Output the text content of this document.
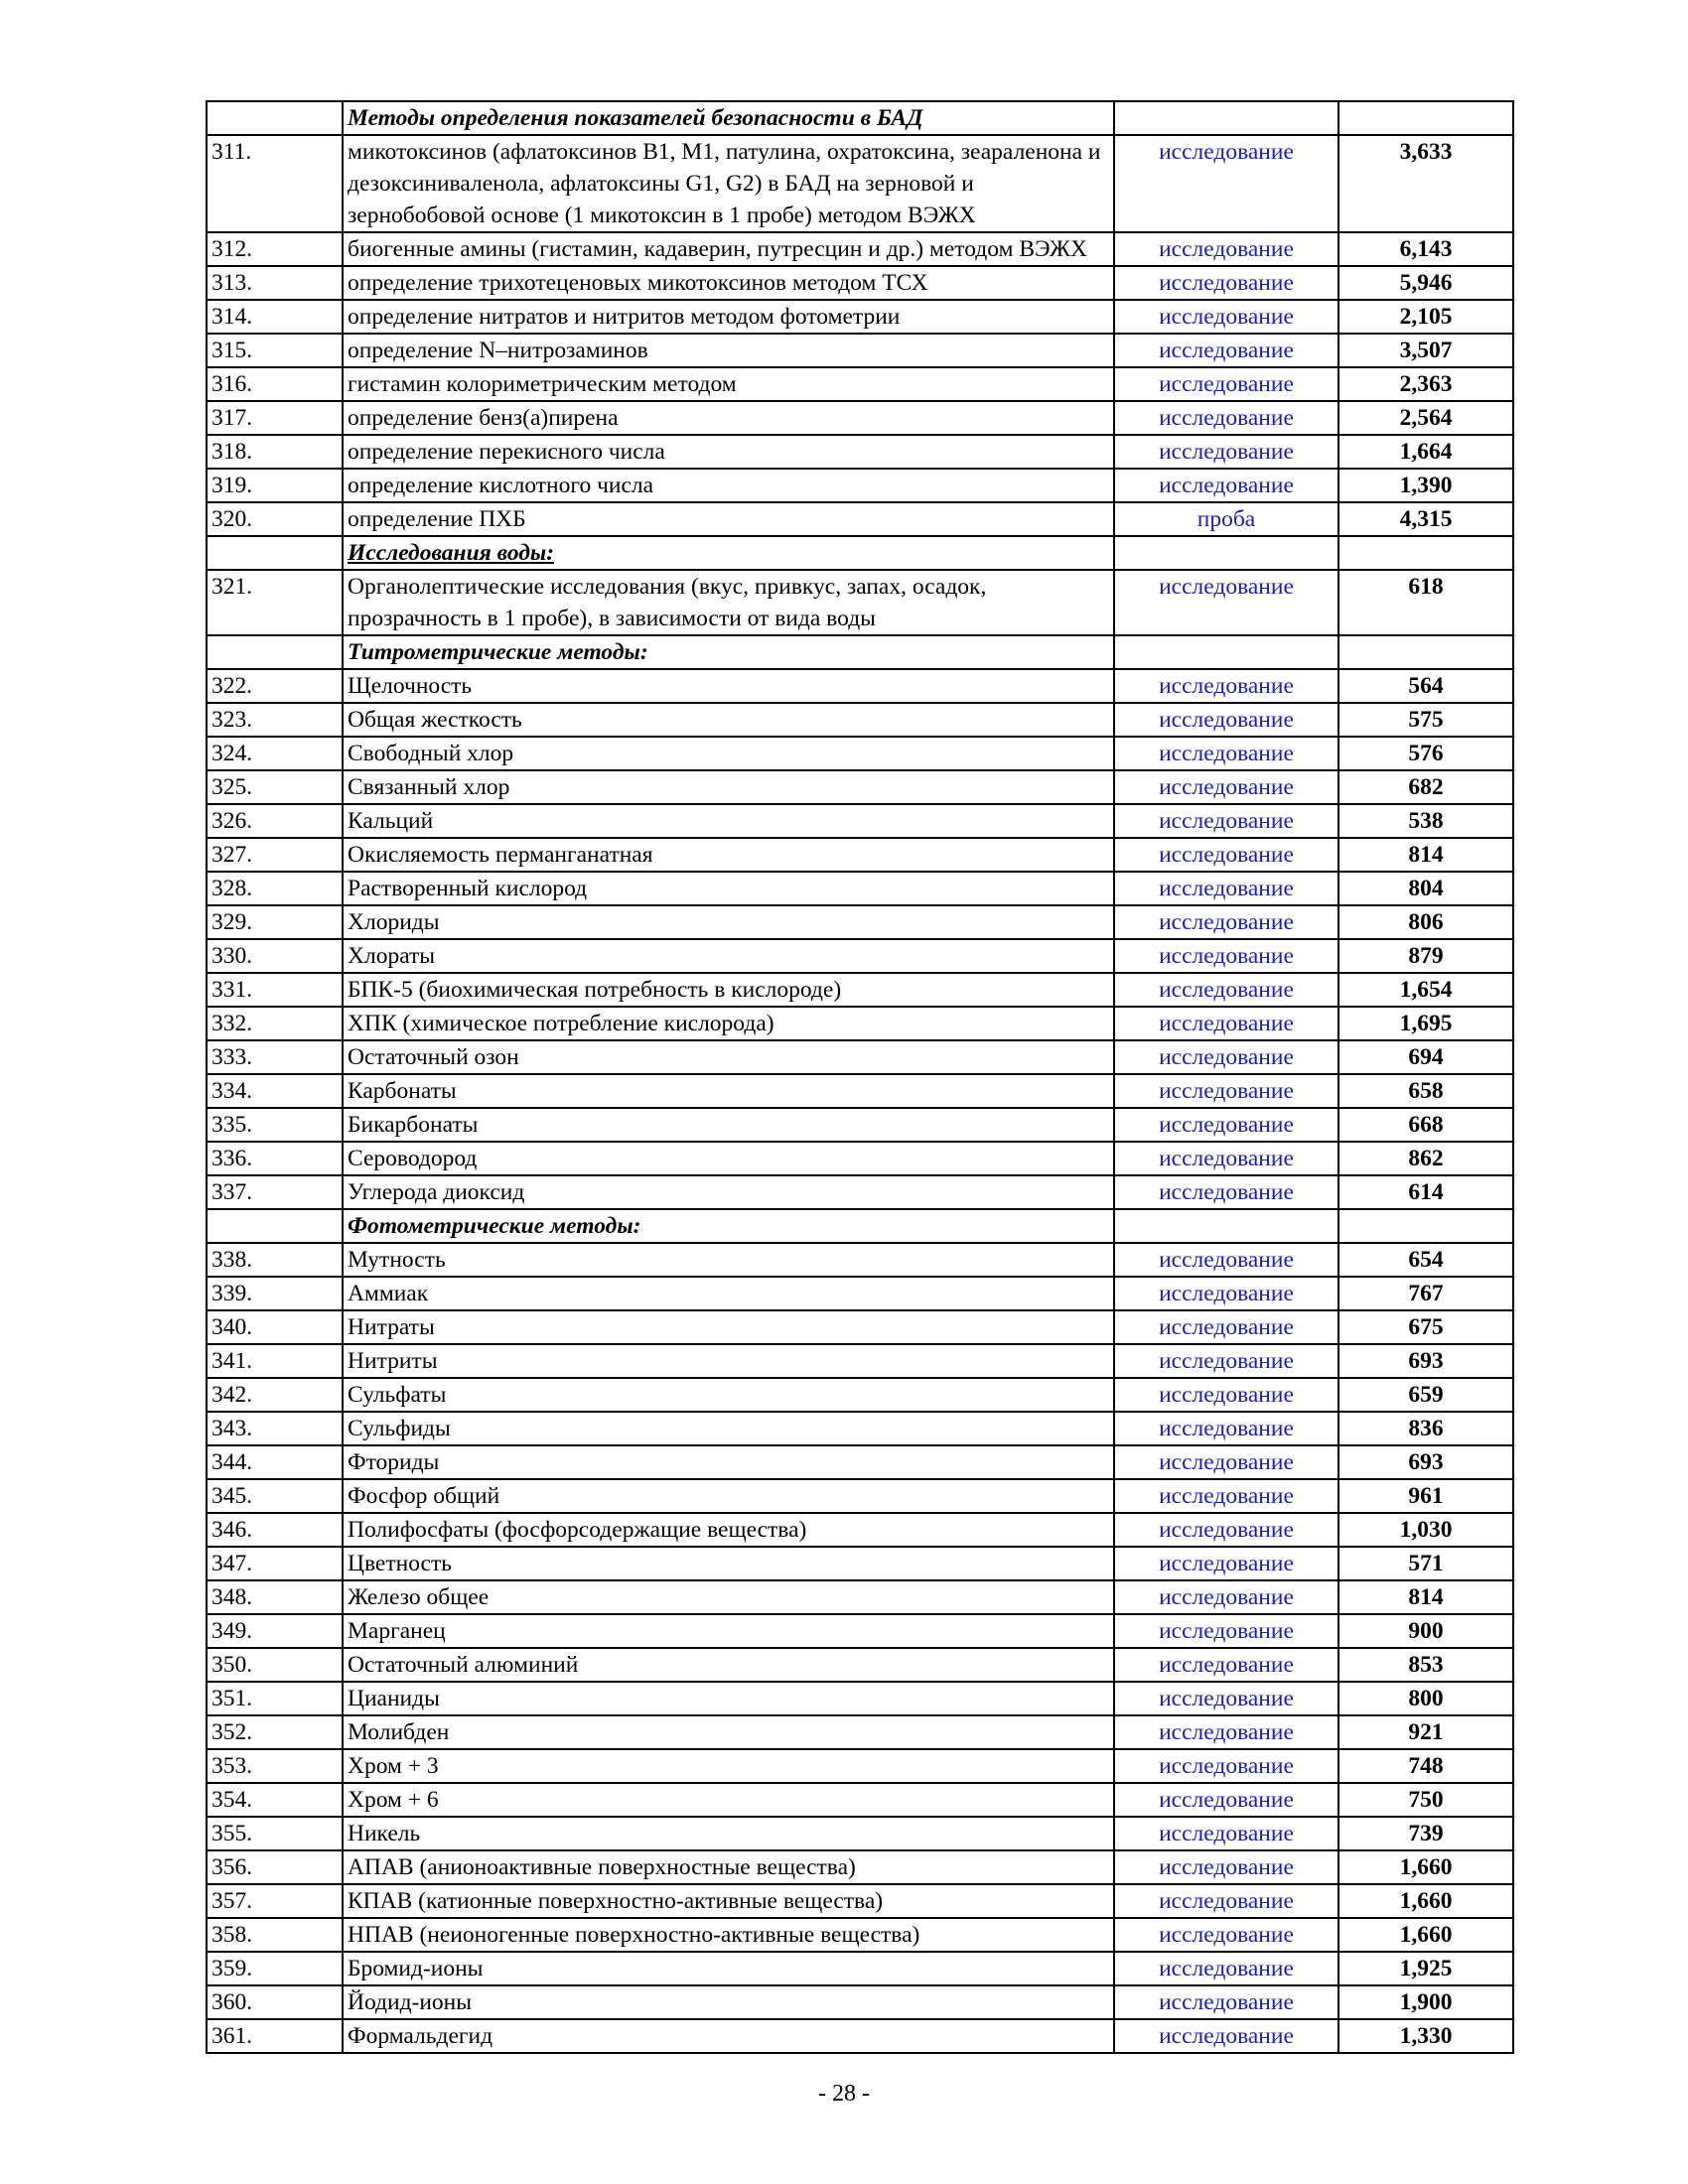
	Методы определения показателей безопасности в БАД		
311.	микотоксинов (афлатоксинов В1, М1, патулина, охратоксина, зеараленона и дезоксиниваленола, афлатоксины G1, G2) в БАД на зерновой и зернобобовой основе (1 микотоксин в 1 пробе) методом ВЭЖХ	исследование	3,633
312.	биогенные амины (гистамин, кадаверин, путресцин и др.) методом ВЭЖХ	исследование	6,143
313.	определение трихотеценовых микотоксинов методом ТСХ	исследование	5,946
314.	определение нитратов и нитритов методом фотометрии	исследование	2,105
315.	определение N–нитрозаминов	исследование	3,507
316.	гистамин колориметрическим методом	исследование	2,363
317.	определение бенз(а)пирена	исследование	2,564
318.	определение перекисного числа	исследование	1,664
319.	определение кислотного числа	исследование	1,390
320.	определение ПХБ	проба	4,315
	Исследования воды:		
321.	Органолептические исследования (вкус, привкус, запах, осадок, прозрачность в 1 пробе), в зависимости от вида воды	исследование	618
	Титрометрические методы:		
322.	Щелочность	исследование	564
323.	Общая жесткость	исследование	575
324.	Свободный хлор	исследование	576
325.	Связанный хлор	исследование	682
326.	Кальций	исследование	538
327.	Окисляемость перманганатная	исследование	814
328.	Растворенный кислород	исследование	804
329.	Хлориды	исследование	806
330.	Хлораты	исследование	879
331.	БПК-5 (биохимическая потребность в кислороде)	исследование	1,654
332.	ХПК (химическое потребление кислорода)	исследование	1,695
333.	Остаточный озон	исследование	694
334.	Карбонаты	исследование	658
335.	Бикарбонаты	исследование	668
336.	Сероводород	исследование	862
337.	Углерода диоксид	исследование	614
	Фотометрические методы:		
338.	Мутность	исследование	654
339.	Аммиак	исследование	767
340.	Нитраты	исследование	675
341.	Нитриты	исследование	693
342.	Сульфаты	исследование	659
343.	Сульфиды	исследование	836
344.	Фториды	исследование	693
345.	Фосфор общий	исследование	961
346.	Полифосфаты (фосфорсодержащие вещества)	исследование	1,030
347.	Цветность	исследование	571
348.	Железо общее	исследование	814
349.	Марганец	исследование	900
350.	Остаточный алюминий	исследование	853
351.	Цианиды	исследование	800
352.	Молибден	исследование	921
353.	Хром + 3	исследование	748
354.	Хром + 6	исследование	750
355.	Никель	исследование	739
356.	АПАВ (анионоактивные поверхностные вещества)	исследование	1,660
357.	КПАВ (катионные поверхностно-активные вещества)	исследование	1,660
358.	НПАВ (неионогенные поверхностно-активные вещества)	исследование	1,660
359.	Бромид-ионы	исследование	1,925
360.	Йодид-ионы	исследование	1,900
361.	Формальдегид	исследование	1,330
- 28 -
